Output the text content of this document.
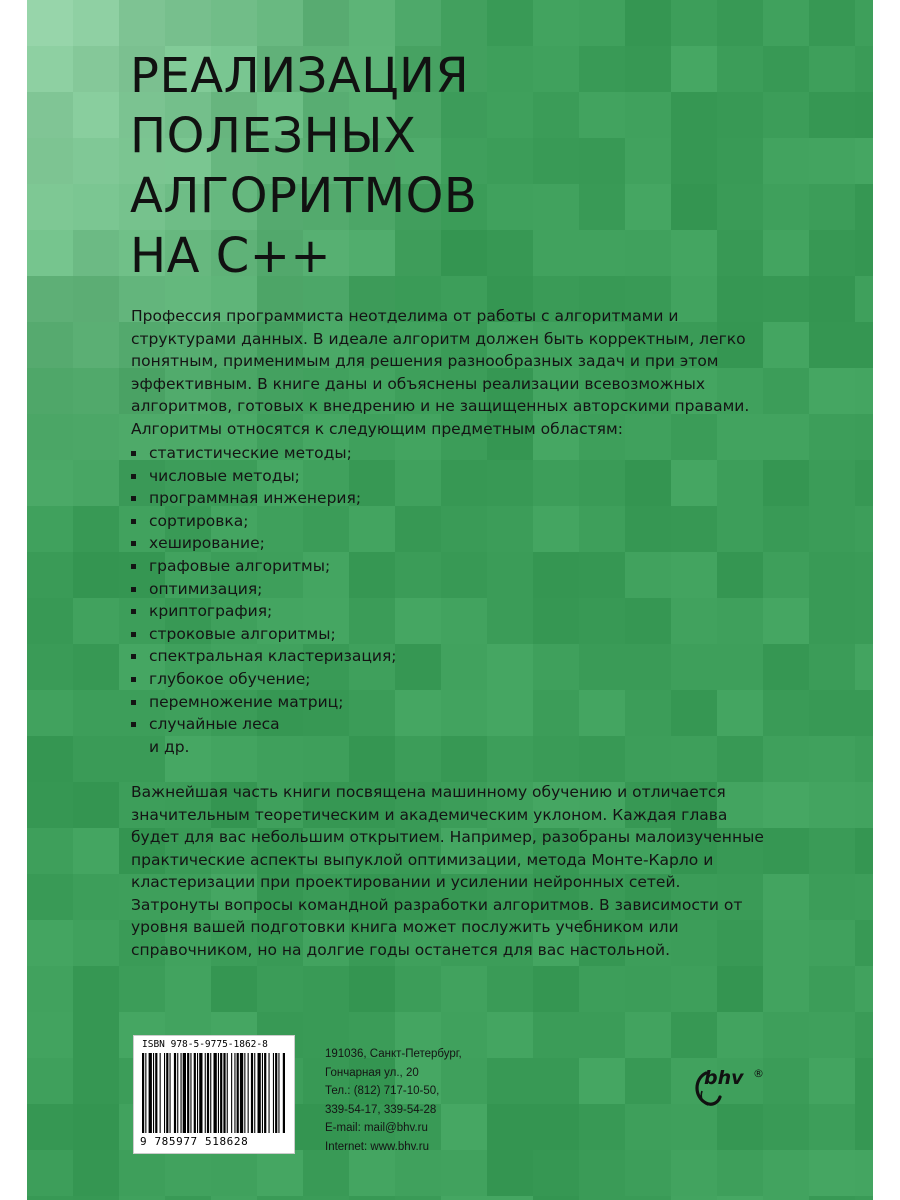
РЕАЛИЗАЦИЯ
ПОЛЕЗНЫХ
АЛГОРИТМОВ
НА C++

Профессия программиста неотделима от работы с алгоритмами и структурами данных. В идеале алгоритм должен быть корректным, легко понятным, применимым для решения разнообразных задач и при этом эффективным. В книге даны и объяснены реализации всевозможных алгоритмов, готовых к внедрению и не защищенных авторскими правами. Алгоритмы относятся к следующим предметным областям:

статистические методы;
числовые методы;
программная инженерия;
сортировка;
хеширование;
графовые алгоритмы;
оптимизация;
криптография;
строковые алгоритмы;
спектральная кластеризация;
глубокое обучение;
перемножение матриц;
случайные леса
и др.

Важнейшая часть книги посвящена машинному обучению и отличается значительным теоретическим и академическим уклоном. Каждая глава будет для вас небольшим открытием. Например, разобраны малоизученные практические аспекты выпуклой оптимизации, метода Монте-Карло и кластеризации при проектировании и усилении нейронных сетей. Затронуты вопросы командной разработки алгоритмов. В зависимости от уровня вашей подготовки книга может послужить учебником или справочником, но на долгие годы останется для вас настольной.

ISBN 978-5-9775-1862-8
9 785977 518628
191036, Санкт-Петербург,
Гончарная ул., 20
Тел.: (812) 717-10-50,
339-54-17, 339-54-28
E-mail: mail@bhv.ru
Internet: www.bhv.ru
bhv ®
